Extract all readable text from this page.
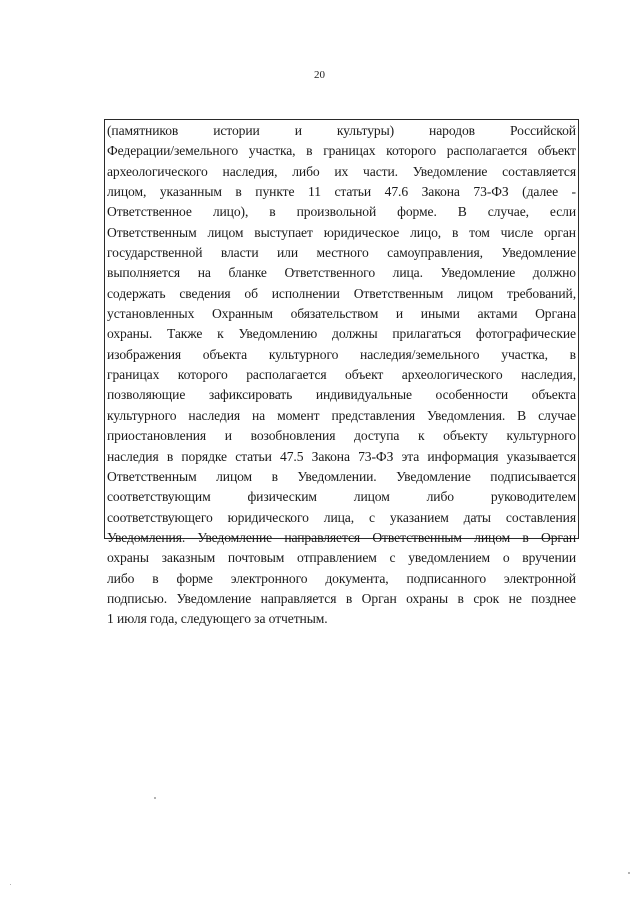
20
(памятников истории и культуры) народов Российской
Федерации/земельного участка, в границах которого располагается объект
археологического наследия, либо их части. Уведомление составляется
лицом, указанным в пункте 11 статьи 47.6 Закона 73-ФЗ (далее -
Ответственное лицо), в произвольной форме. В случае, если
Ответственным лицом выступает юридическое лицо, в том числе орган
государственной власти или местного самоуправления, Уведомление
выполняется на бланке Ответственного лица. Уведомление должно
содержать сведения об исполнении Ответственным лицом требований,
установленных Охранным обязательством и иными актами Органа
охраны. Также к Уведомлению должны прилагаться фотографические
изображения объекта культурного наследия/земельного участка, в
границах которого располагается объект археологического наследия,
позволяющие зафиксировать индивидуальные особенности объекта
культурного наследия на момент представления Уведомления. В случае
приостановления и возобновления доступа к объекту культурного
наследия в порядке статьи 47.5 Закона 73-ФЗ эта информация указывается
Ответственным лицом в Уведомлении. Уведомление подписывается
соответствующим физическим лицом либо руководителем
соответствующего юридического лица, с указанием даты составления
Уведомления. Уведомление направляется Ответственным лицом в Орган
охраны заказным почтовым отправлением с уведомлением о вручении
либо в форме электронного документа, подписанного электронной
подписью. Уведомление направляется в Орган охраны в срок не позднее
1 июля года, следующего за отчетным.
